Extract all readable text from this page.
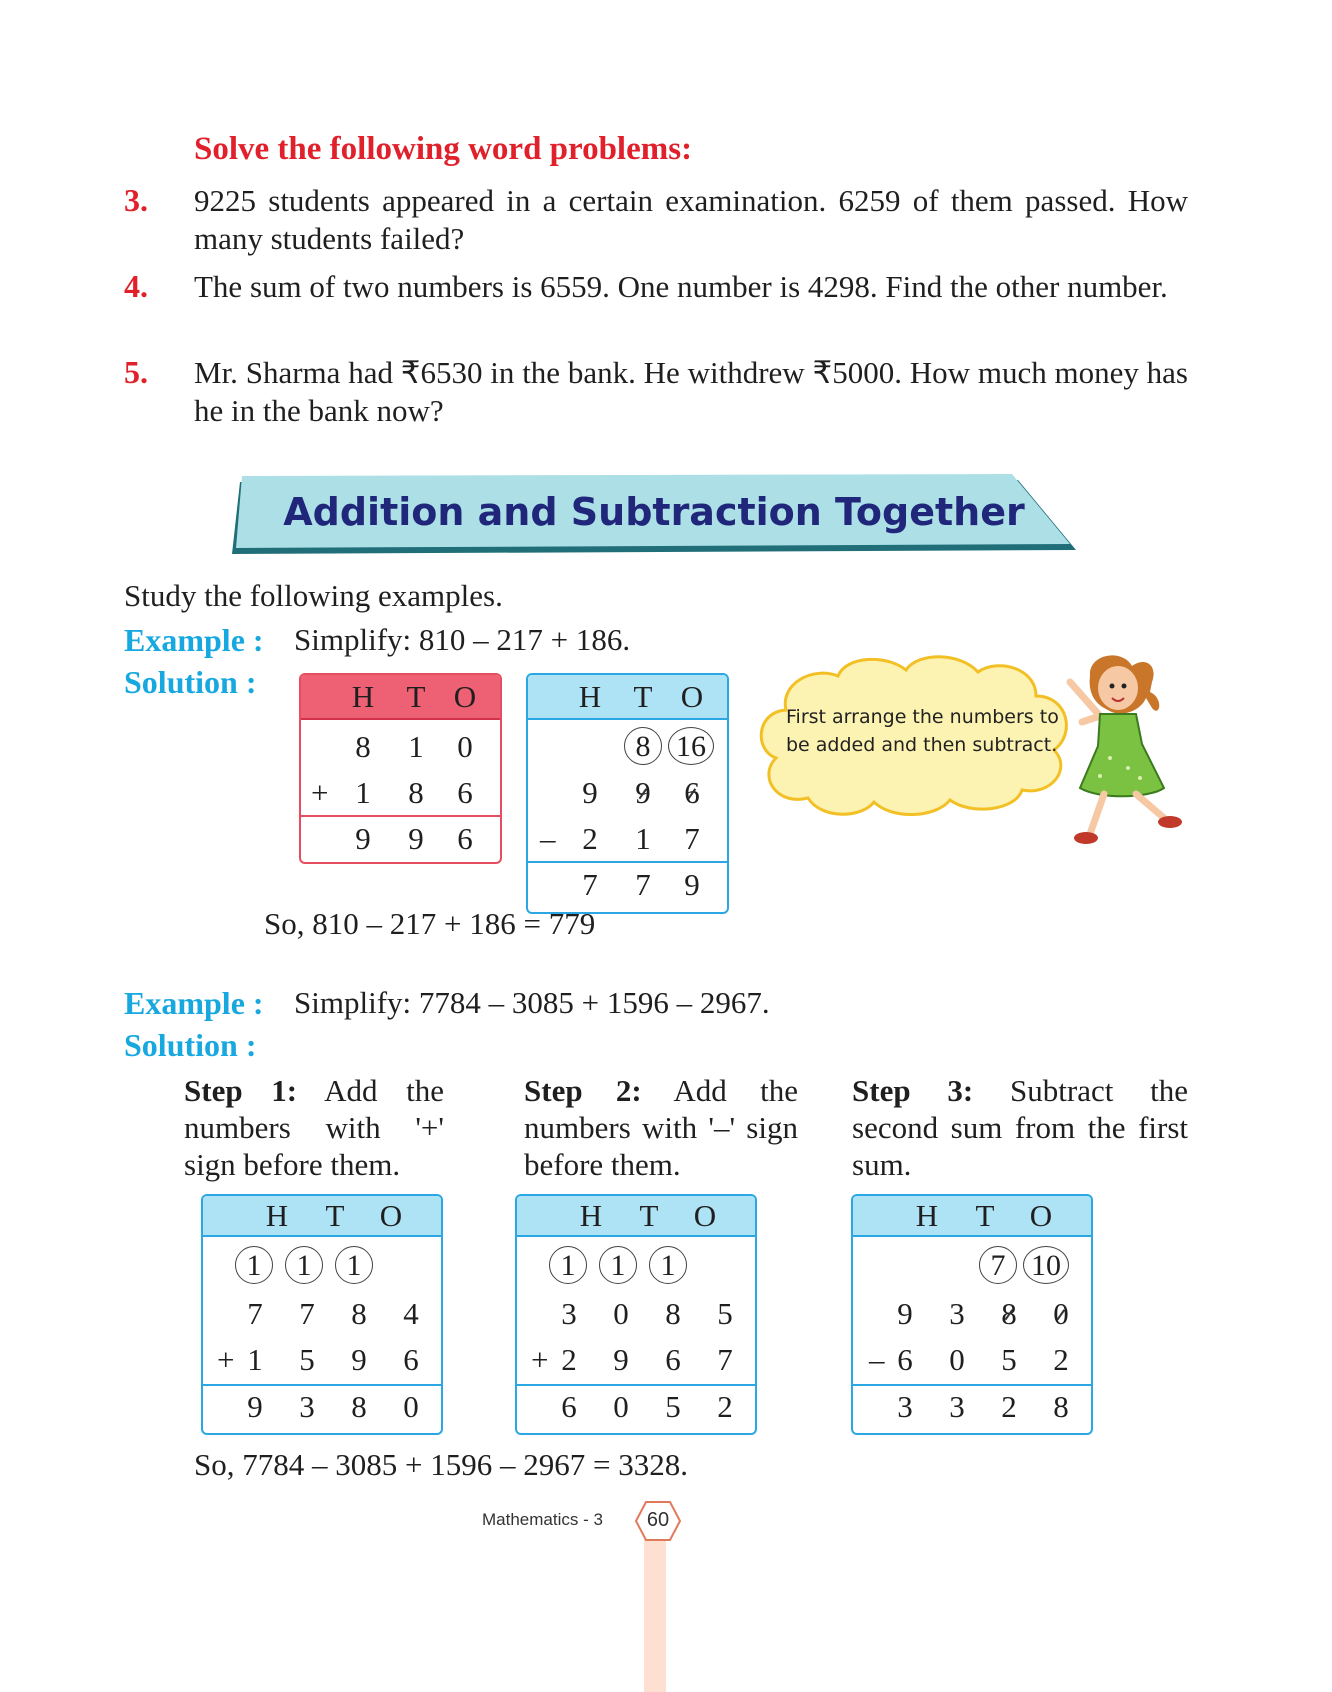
Solve the following word problems:
3. 9225 students appeared in a certain examination. 6259 of them passed. How many students failed?
4. The sum of two numbers is 6559. One number is 4298. Find the other number.
5. Mr. Sharma had ₹6530 in the bank. He withdrew ₹5000. How much money has he in the bank now?
Addition and Subtraction Together
Study the following examples.
Example : Simplify: 810 – 217 + 186.
Solution :	H	T O
8	1	0
+ 1	8	6
9	9	6
H	T O
8 16
9	9	6
– 2	1	7
7	7	9
First arrange the numbers to be added and then subtract.
So, 810 – 217 + 186 = 779
Example : Simplify: 7784 – 3085 + 1596 – 2967.
Solution :
Step 1: Add the numbers with '+' sign before them.
Step 2: Add the numbers with '–' sign before them.
Step 3: Subtract the second sum from the first sum.
H	T	O
1	1	1
7	7	8	4
+ 1	5	9	6
9	3	8	0
H	T	O
1	1	1
3	0	8	5
+ 2	9	6	7
6	0	5	2
H	T	O
7 10
9	3	8	0
– 6	0	5	2
3	3	2	8
So, 7784 – 3085 + 1596 – 2967 = 3328.
Mathematics - 3	60
